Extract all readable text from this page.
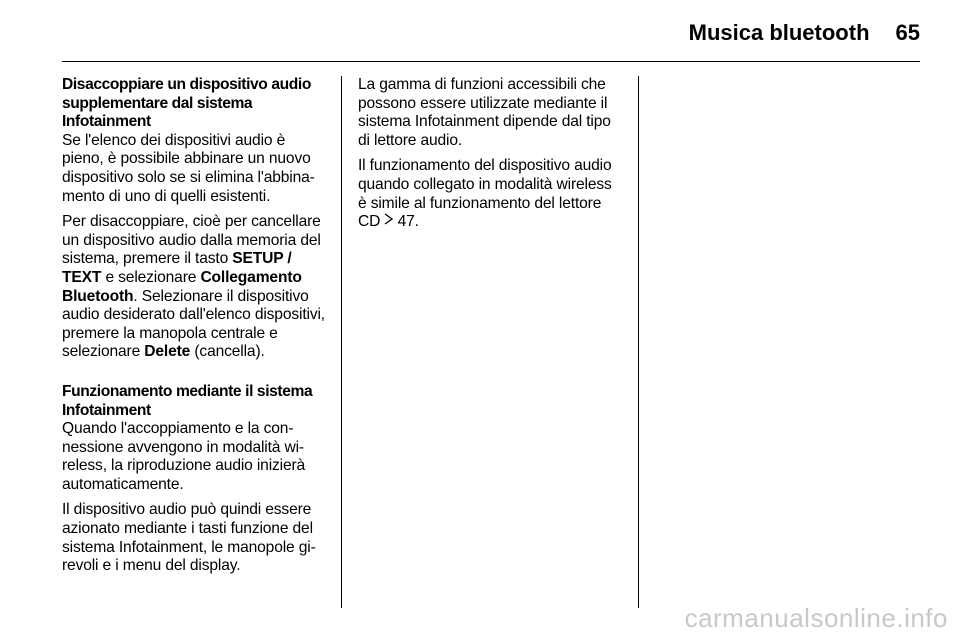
Musica bluetooth 65
Disaccoppiare un dispositivo audio supplementare dal sistema Infotainment

Se l'elenco dei dispositivi audio è pieno, è possibile abbinare un nuovo dispositivo solo se si elimina l'abbinamento di uno di quelli esistenti.

Per disaccoppiare, cioè per cancellare un dispositivo audio dalla memoria del sistema, premere il tasto SETUP / TEXT e selezionare Collegamento Bluetooth. Selezionare il dispositivo audio desiderato dall'elenco dispositivi, premere la manopola centrale e selezionare Delete (cancella).

Funzionamento mediante il sistema Infotainment

Quando l'accoppiamento e la connessione avvengono in modalità wireless, la riproduzione audio inizierà automaticamente.

Il dispositivo audio può quindi essere azionato mediante i tasti funzione del sistema Infotainment, le manopole girevoli e i menu del display.

La gamma di funzioni accessibili che possono essere utilizzate mediante il sistema Infotainment dipende dal tipo di lettore audio.

Il funzionamento del dispositivo audio quando collegato in modalità wireless è simile al funzionamento del lettore CD  47.

carmanualsonline.info
